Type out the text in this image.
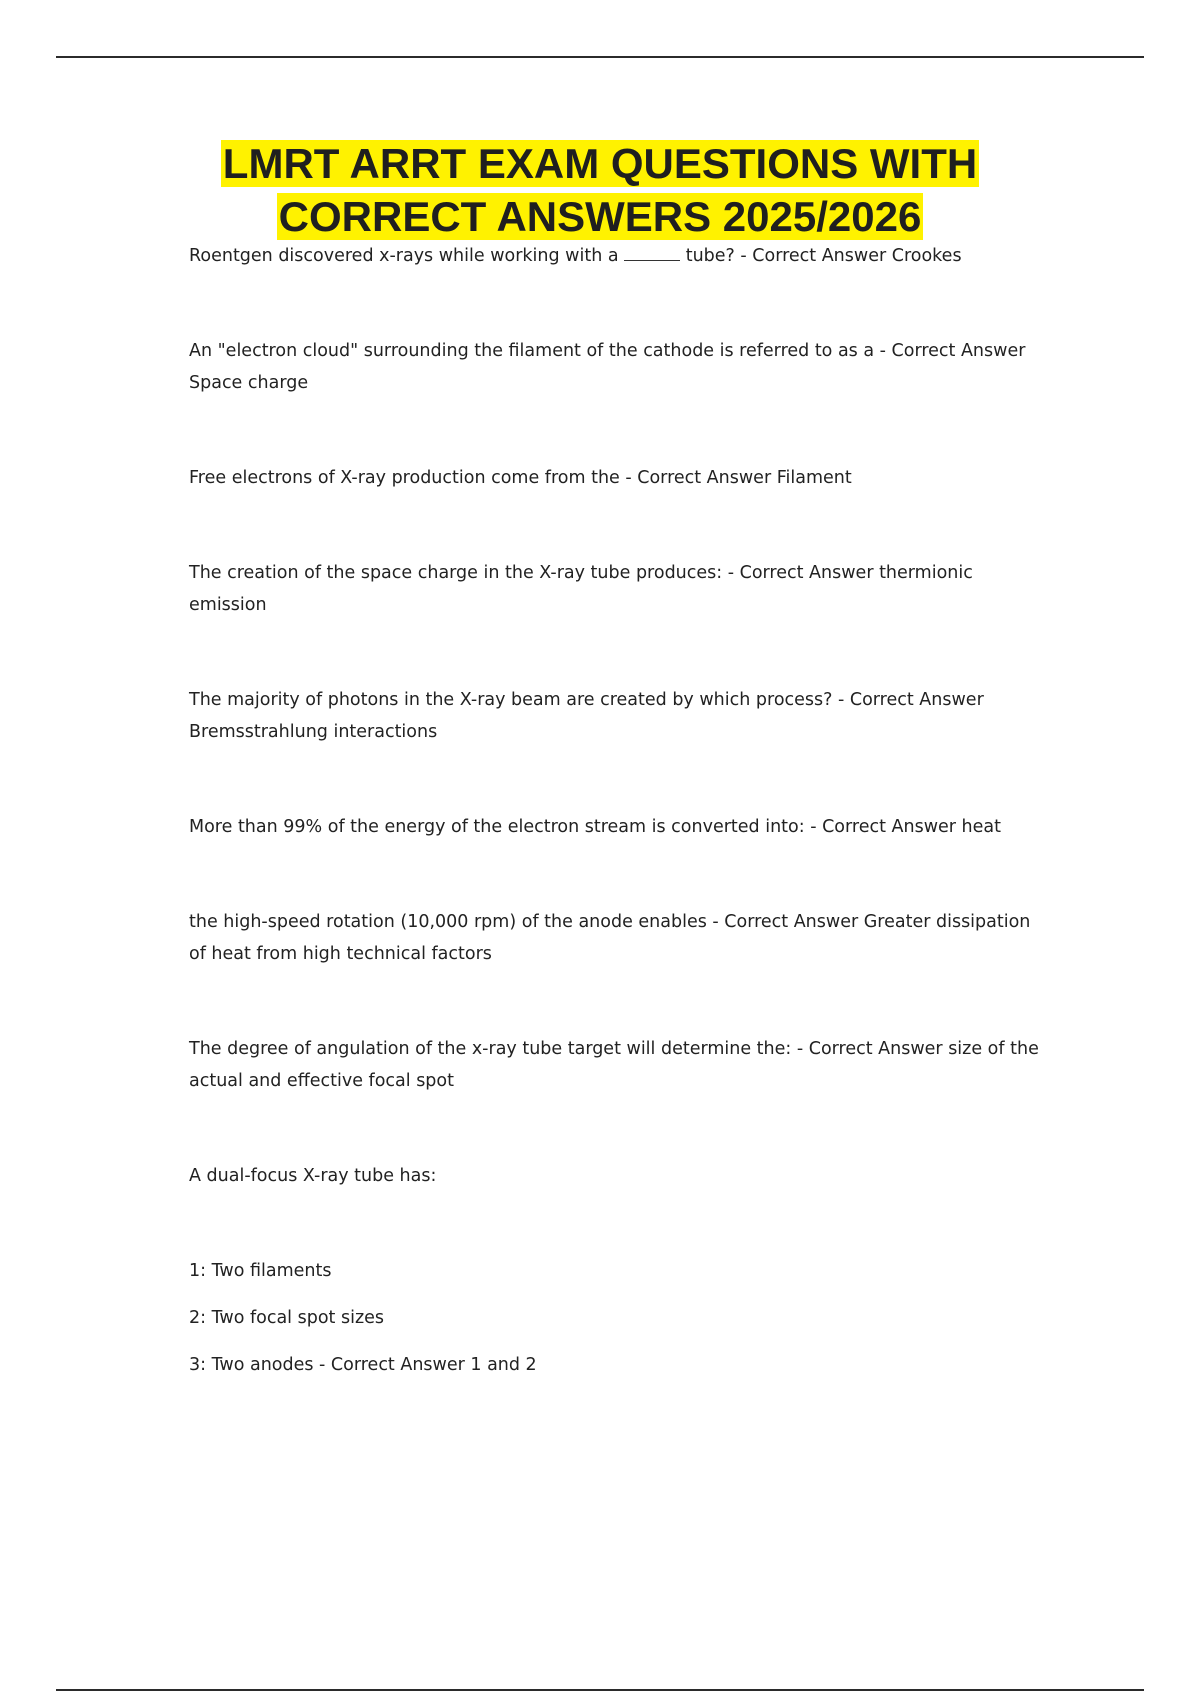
LMRT ARRT EXAM QUESTIONS WITH
CORRECT ANSWERS 2025/2026

Roentgen discovered x-rays while working with a	tube? - Correct Answer Crookes

An "electron cloud" surrounding the filament of the cathode is referred to as a - Correct Answer Space charge

Free electrons of X-ray production come from the - Correct Answer Filament

The creation of the space charge in the X-ray tube produces: - Correct Answer thermionic emission

The majority of photons in the X-ray beam are created by which process? - Correct Answer Bremsstrahlung interactions

More than 99% of the energy of the electron stream is converted into: - Correct Answer heat

the high-speed rotation (10,000 rpm) of the anode enables - Correct Answer Greater dissipation of heat from high technical factors

The degree of angulation of the x-ray tube target will determine the: - Correct Answer size of the actual and effective focal spot

A dual-focus X-ray tube has:

1: Two filaments

2: Two focal spot sizes

3: Two anodes - Correct Answer 1 and 2
